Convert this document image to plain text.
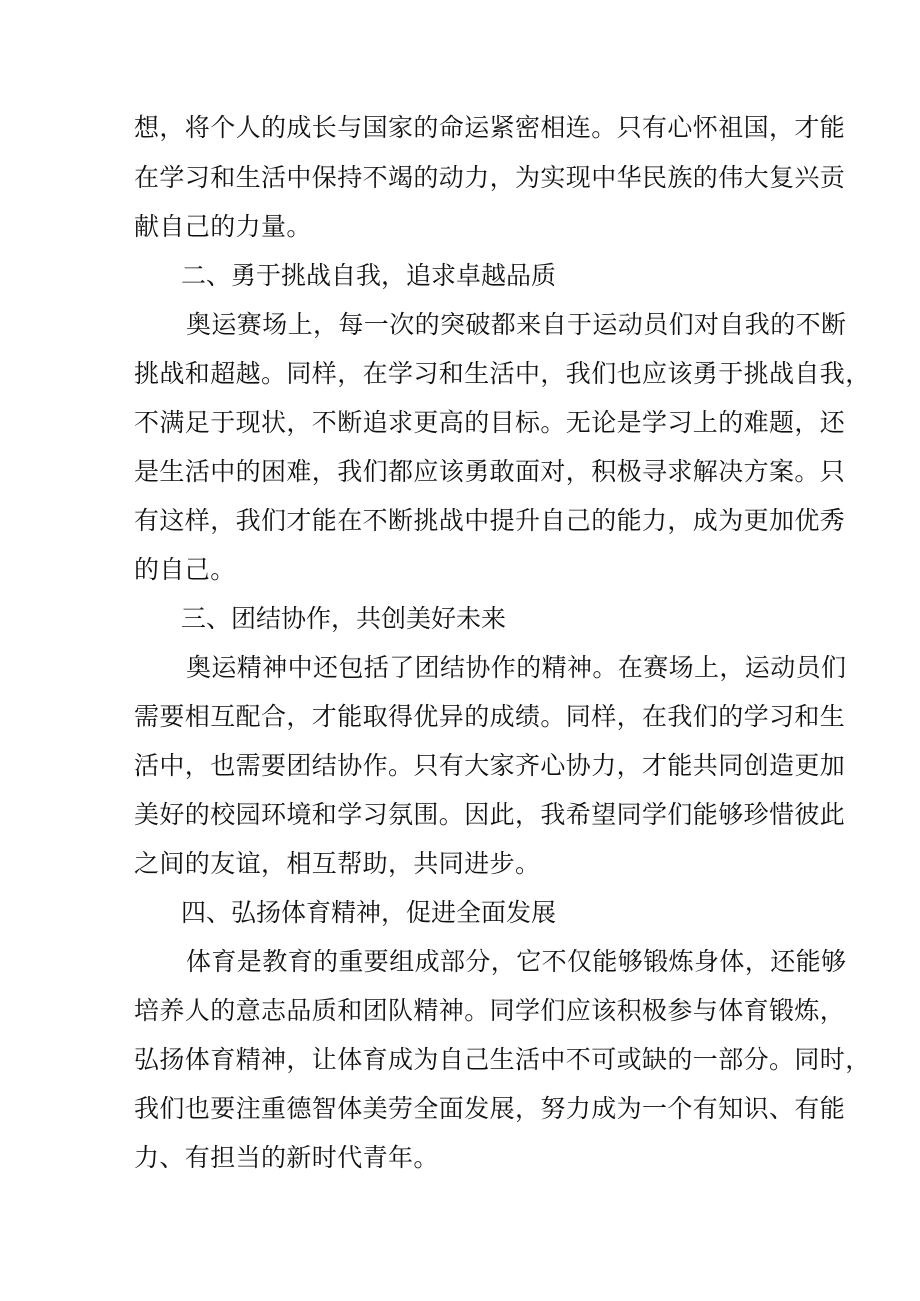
想，将个人的成长与国家的命运紧密相连。只有心怀祖国，才能

在学习和生活中保持不竭的动力，为实现中华民族的伟大复兴贡

献自己的力量。

二、勇于挑战自我，追求卓越品质

奥运赛场上，每一次的突破都来自于运动员们对自我的不断

挑战和超越。同样，在学习和生活中，我们也应该勇于挑战自我，

不满足于现状，不断追求更高的目标。无论是学习上的难题，还

是生活中的困难，我们都应该勇敢面对，积极寻求解决方案。只

有这样，我们才能在不断挑战中提升自己的能力，成为更加优秀

的自己。

三、团结协作，共创美好未来

奥运精神中还包括了团结协作的精神。在赛场上，运动员们

需要相互配合，才能取得优异的成绩。同样，在我们的学习和生

活中，也需要团结协作。只有大家齐心协力，才能共同创造更加

美好的校园环境和学习氛围。因此，我希望同学们能够珍惜彼此

之间的友谊，相互帮助，共同进步。

四、弘扬体育精神，促进全面发展

体育是教育的重要组成部分，它不仅能够锻炼身体，还能够

培养人的意志品质和团队精神。同学们应该积极参与体育锻炼，

弘扬体育精神，让体育成为自己生活中不可或缺的一部分。同时，

我们也要注重德智体美劳全面发展，努力成为一个有知识、有能

力、有担当的新时代青年。
